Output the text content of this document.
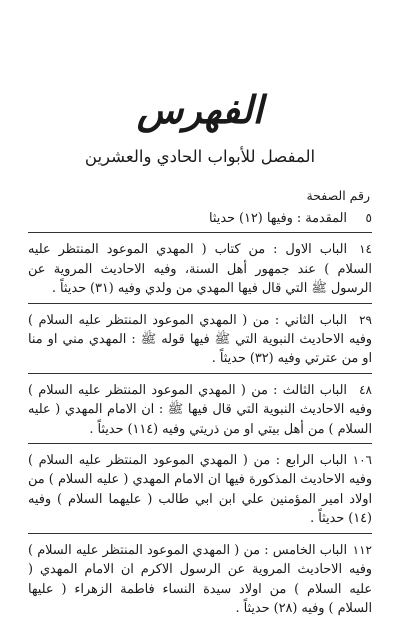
الفهرس
المفصل للأبواب الحادي والعشرين
رقم الصفحة
٥المقدمة : وفيها (١٢) حديثا
١٤الباب الاول : من كتاب ( المهدي الموعود المنتظر عليه السلام ) عند جمهور أهل السنة، وفيه الاحاديث المروية عن الرسول ﷺ التي قال فيها المهدي من ولدي وفيه (٣١) حديثاً .
٢٩الباب الثاني : من ( المهدي الموعود المنتظر عليه السلام ) وفيه الاحاديث النبوية التي ﷺ فيها قوله ﷺ : المهدي مني او منا او من عترتي وفيه (٣٢) حديثاً .
٤٨الباب الثالث : من ( المهدي الموعود المنتظر عليه السلام ) وفيه الاحاديث النبوية التي قال فيها ﷺ : ان الامام المهدي ( عليه السلام ) من أهل بيتي او من ذريتي وفيه (١١٤) حديثاً .
١٠٦الباب الرابع : من ( المهدي الموعود المنتظر عليه السلام ) وفيه الاحاديث المذكورة فيها ان الامام المهدي ( عليه السلام ) من اولاد امير المؤمنين علي ابن ابي طالب ( عليهما السلام ) وفيه (١٤) حديثاً .
١١٢الباب الخامس : من ( المهدي الموعود المنتظر عليه السلام ) وفيه الاحاديث المروية عن الرسول الاكرم ان الامام المهدي ( عليه السلام ) من اولاد سيدة النساء فاطمة الزهراء ( عليها السلام ) وفيه (٢٨) حديثاً .
